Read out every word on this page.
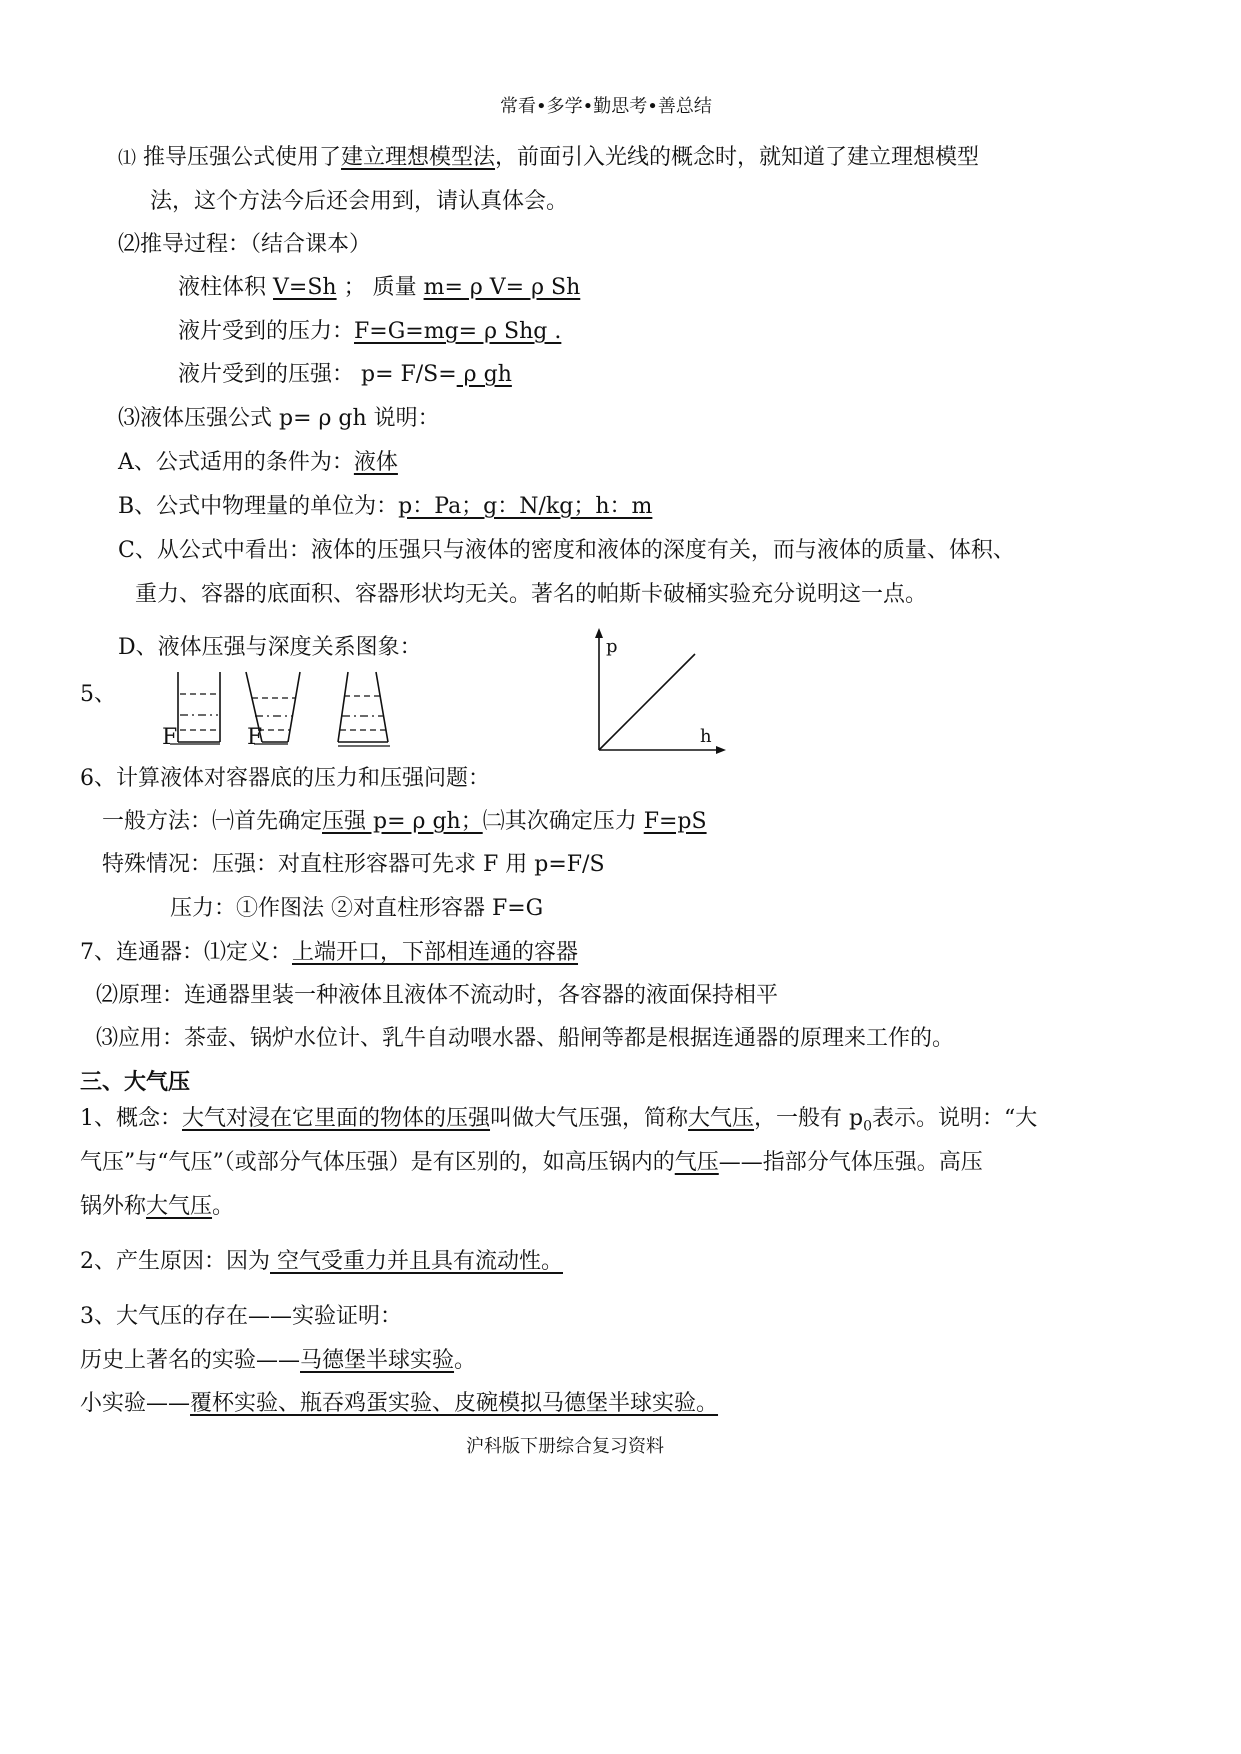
常看•多学•勤思考•善总结
⑴ 推导压强公式使用了建立理想模型法，前面引入光线的概念时，就知道了建立理想模型
法，这个方法今后还会用到，请认真体会。
⑵推导过程：（结合课本）
液柱体积 V=Sh ； 质量 m= ρ V= ρ Sh
液片受到的压力：F=G=mg= ρ Shg .
液片受到的压强： p= F/S= ρ gh
⑶液体压强公式 p= ρ gh 说明：
A、公式适用的条件为：液体
B、公式中物理量的单位为：p：Pa；g：N/kg；h：m
C、从公式中看出：液体的压强只与液体的密度和液体的深度有关，而与液体的质量、体积、
重力、容器的底面积、容器形状均无关。著名的帕斯卡破桶实验充分说明这一点。
D、液体压强与深度关系图象：
5、
F	F
p
h
6、计算液体对容器底的压力和压强问题：
一般方法：㈠首先确定压强 p= ρ gh；㈡其次确定压力 F=pS
特殊情况：压强：对直柱形容器可先求 F 用 p=F/S
压力：①作图法 ②对直柱形容器 F=G
7、连通器：⑴定义：上端开口，下部相连通的容器
⑵原理：连通器里装一种液体且液体不流动时，各容器的液面保持相平
⑶应用：茶壶、锅炉水位计、乳牛自动喂水器、船闸等都是根据连通器的原理来工作的。
三、大气压
1、概念：大气对浸在它里面的物体的压强叫做大气压强，简称大气压，一般有 $p_0$表示。说明：“大
气压”与“气压”（或部分气体压强）是有区别的，如高压锅内的气压——指部分气体压强。高压
锅外称大气压。
2、产生原因：因为 空气受重力并且具有流动性。
3、大气压的存在——实验证明：
历史上著名的实验——马德堡半球实验。
小实验——覆杯实验、瓶吞鸡蛋实验、皮碗模拟马德堡半球实验。
沪科版下册综合复习资料
